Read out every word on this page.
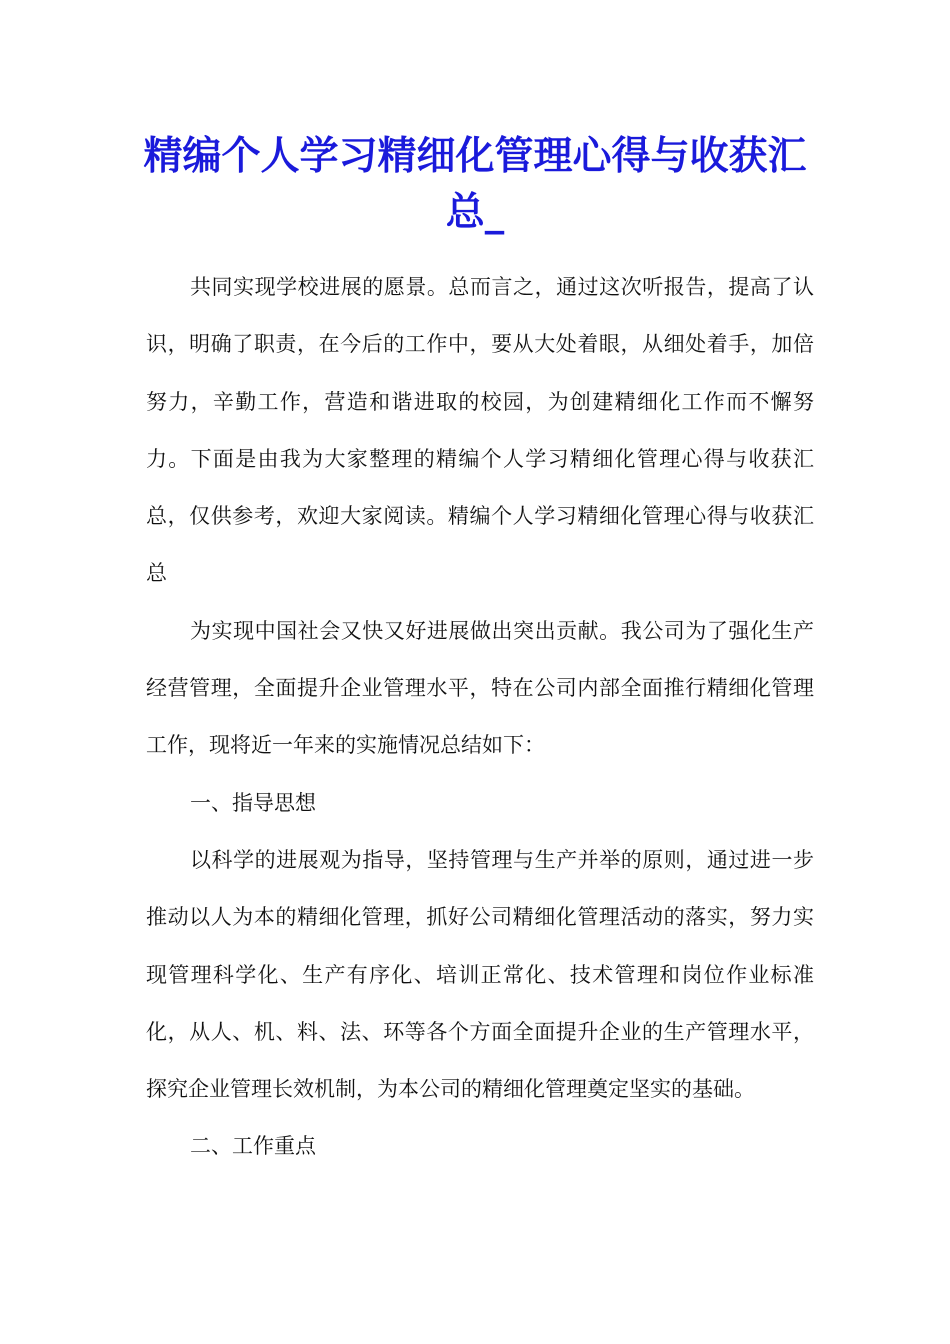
精编个人学习精细化管理心得与收获汇总_

共同实现学校进展的愿景。总而言之，通过这次听报告，提高了认识，明确了职责，在今后的工作中，要从大处着眼，从细处着手，加倍努力，辛勤工作，营造和谐进取的校园，为创建精细化工作而不懈努力。下面是由我为大家整理的精编个人学习精细化管理心得与收获汇总，仅供参考，欢迎大家阅读。精编个人学习精细化管理心得与收获汇总

为实现中国社会又快又好进展做出突出贡献。我公司为了强化生产经营管理，全面提升企业管理水平，特在公司内部全面推行精细化管理工作，现将近一年来的实施情况总结如下：

一、指导思想

以科学的进展观为指导，坚持管理与生产并举的原则，通过进一步推动以人为本的精细化管理，抓好公司精细化管理活动的落实，努力实现管理科学化、生产有序化、培训正常化、技术管理和岗位作业标准化，从人、机、料、法、环等各个方面全面提升企业的生产管理水平，探究企业管理长效机制，为本公司的精细化管理奠定坚实的基础。

二、工作重点
